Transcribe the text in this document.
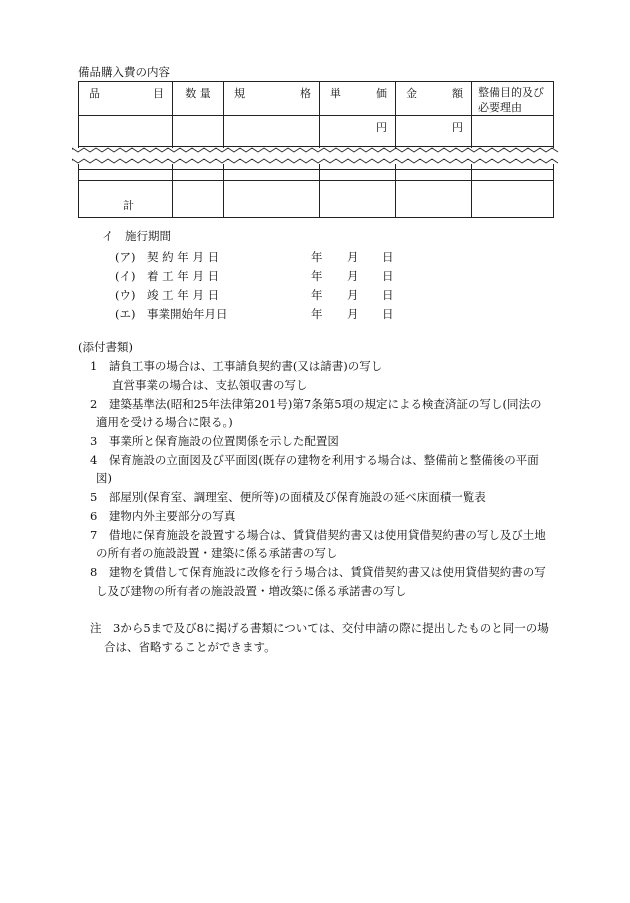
備品購入費の内容
品 目	数 量	規 格	単 価	金 額	整備目的及び必要理由

			円	円	

計					
イ　施行期間
(ア)　契 約 年 月 日	年 月 日
(イ)　着 工 年 月 日	年 月 日
(ウ)　竣 工 年 月 日	年 月 日
(エ)　事業開始年月日	年 月 日
(添付書類)
1　請負工事の場合は、工事請負契約書(又は請書)の写し
直営事業の場合は、支払領収書の写し
2　建築基準法(昭和25年法律第201号)第7条第5項の規定による検査済証の写し(同法の
適用を受ける場合に限る。)
3　事業所と保育施設の位置関係を示した配置図
4　保育施設の立面図及び平面図(既存の建物を利用する場合は、整備前と整備後の平面
図)
5　部屋別(保育室、調理室、便所等)の面積及び保育施設の延べ床面積一覧表
6　建物内外主要部分の写真
7　借地に保育施設を設置する場合は、賃貸借契約書又は使用貸借契約書の写し及び土地
の所有者の施設設置・建築に係る承諾書の写し
8　建物を賃借して保育施設に改修を行う場合は、賃貸借契約書又は使用貸借契約書の写
し及び建物の所有者の施設設置・増改築に係る承諾書の写し
注　3から5まで及び8に掲げる書類については、交付申請の際に提出したものと同一の場
合は、省略することができます。
